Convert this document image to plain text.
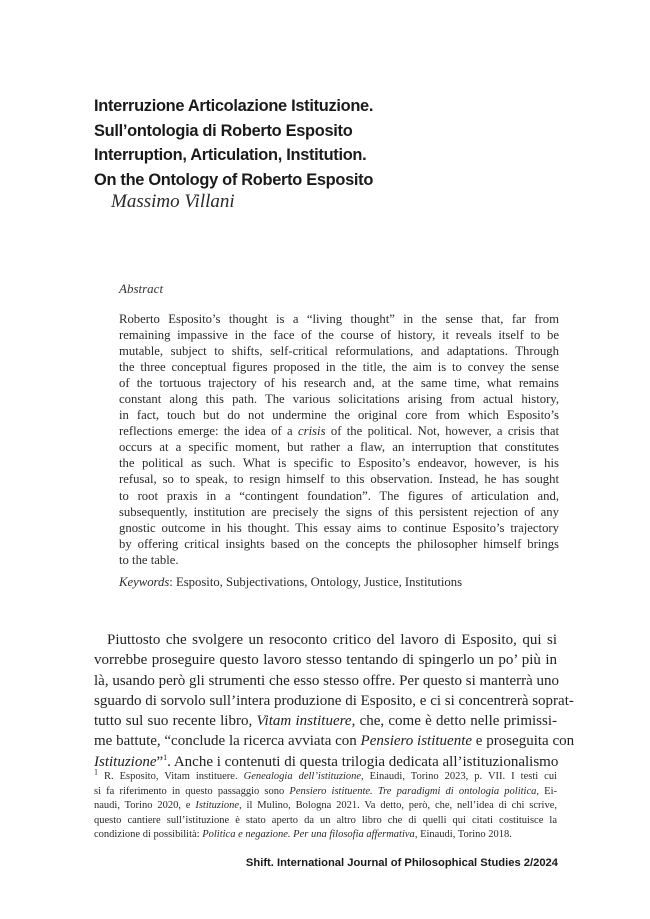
Interruzione Articolazione Istituzione.
Sull’ontologia di Roberto Esposito
Interruption, Articulation, Institution.
On the Ontology of Roberto Esposito
Massimo Villani
Abstract
Roberto Esposito’s thought is a “living thought” in the sense that, far from
remaining impassive in the face of the course of history, it reveals itself to be
mutable, subject to shifts, self-critical reformulations, and adaptations. Through
the three conceptual figures proposed in the title, the aim is to convey the sense
of the tortuous trajectory of his research and, at the same time, what remains
constant along this path. The various solicitations arising from actual history,
in fact, touch but do not undermine the original core from which Esposito’s
reflections emerge: the idea of a crisis of the political. Not, however, a crisis that
occurs at a specific moment, but rather a flaw, an interruption that constitutes
the political as such. What is specific to Esposito’s endeavor, however, is his
refusal, so to speak, to resign himself to this observation. Instead, he has sought
to root praxis in a “contingent foundation”. The figures of articulation and,
subsequently, institution are precisely the signs of this persistent rejection of any
gnostic outcome in his thought. This essay aims to continue Esposito’s trajectory
by offering critical insights based on the concepts the philosopher himself brings
to the table.
Keywords: Esposito, Subjectivations, Ontology, Justice, Institutions
Piuttosto che svolgere un resoconto critico del lavoro di Esposito, qui si
vorrebbe proseguire questo lavoro stesso tentando di spingerlo un po’ più in
là, usando però gli strumenti che esso stesso offre. Per questo si manterrà uno
sguardo di sorvolo sull’intera produzione di Esposito, e ci si concentrerà soprat-
tutto sul suo recente libro, Vitam instituere, che, come è detto nelle primissi-
me battute, “conclude la ricerca avviata con Pensiero istituente e proseguita con
Istituzione”$^1$. Anche i contenuti di questa trilogia dedicata all’istituzionalismo
$^1$ R. Esposito, Vitam instituere. Genealogia dell’istituzione, Einaudi, Torino 2023, p. VII. I testi cui
si fa riferimento in questo passaggio sono Pensiero istituente. Tre paradigmi di ontologia politica, Ei-
naudi, Torino 2020, e Istituzione, il Mulino, Bologna 2021. Va detto, però, che, nell’idea di chi scrive,
questo cantiere sull’istituzione è stato aperto da un altro libro che di quelli qui citati costituisce la
condizione di possibilità: Politica e negazione. Per una filosofia affermativa, Einaudi, Torino 2018.
Shift. International Journal of Philosophical Studies 2/2024
